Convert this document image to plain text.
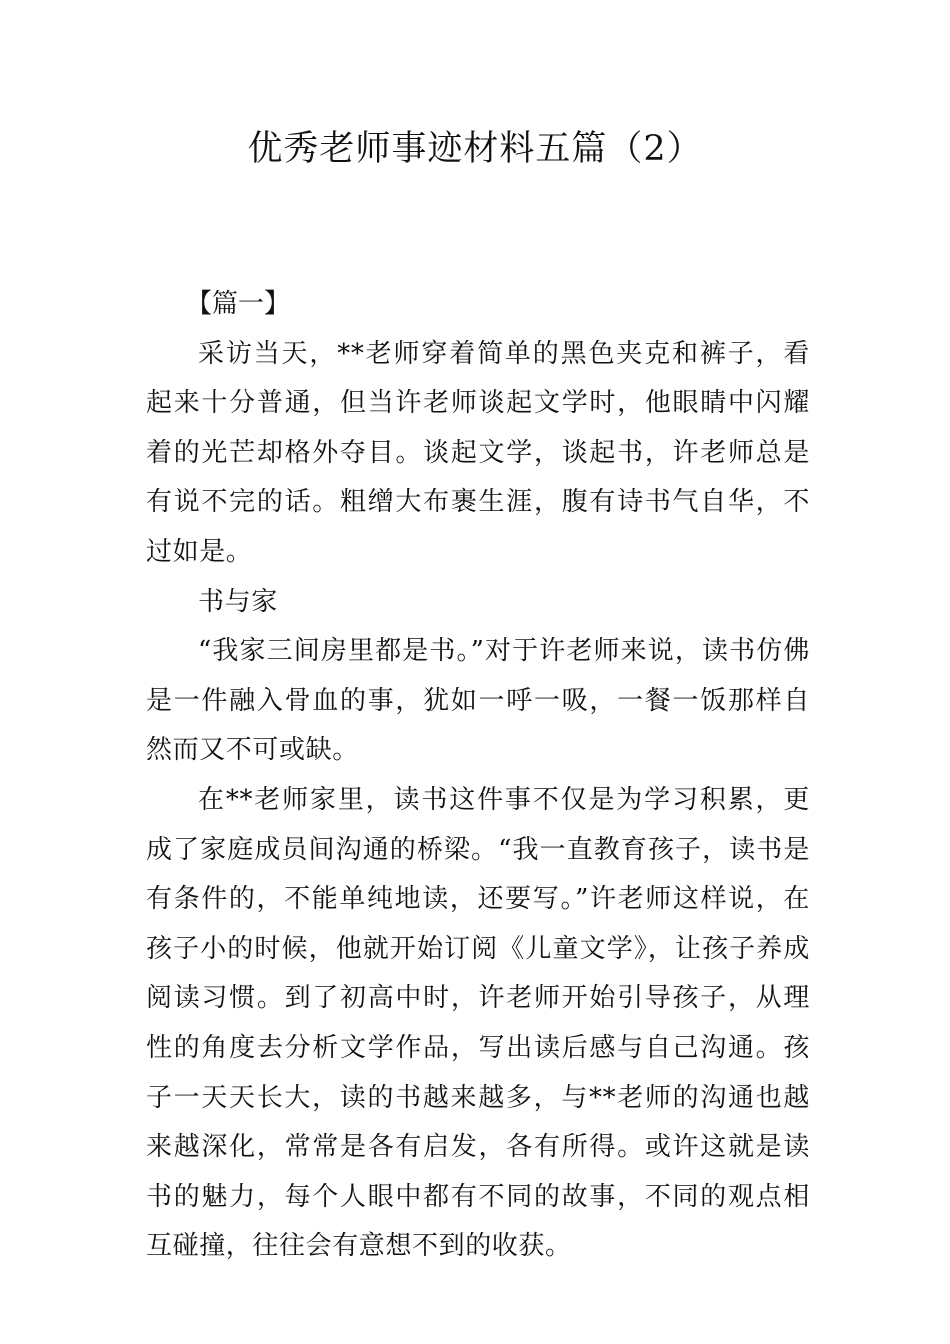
优秀老师事迹材料五篇（2）

【篇一】

采访当天，**老师穿着简单的黑色夹克和裤子，看起来十分普通，但当许老师谈起文学时，他眼睛中闪耀着的光芒却格外夺目。谈起文学，谈起书，许老师总是有说不完的话。粗缯大布裹生涯，腹有诗书气自华，不过如是。

书与家

“我家三间房里都是书。”对于许老师来说，读书仿佛是一件融入骨血的事，犹如一呼一吸，一餐一饭那样自然而又不可或缺。

在**老师家里，读书这件事不仅是为学习积累，更成了家庭成员间沟通的桥梁。“我一直教育孩子，读书是有条件的，不能单纯地读，还要写。”许老师这样说，在孩子小的时候，他就开始订阅《儿童文学》，让孩子养成阅读习惯。到了初高中时，许老师开始引导孩子，从理性的角度去分析文学作品，写出读后感与自己沟通。孩子一天天长大，读的书越来越多，与**老师的沟通也越来越深化，常常是各有启发，各有所得。或许这就是读书的魅力，每个人眼中都有不同的故事，不同的观点相互碰撞，往往会有意想不到的收获。
